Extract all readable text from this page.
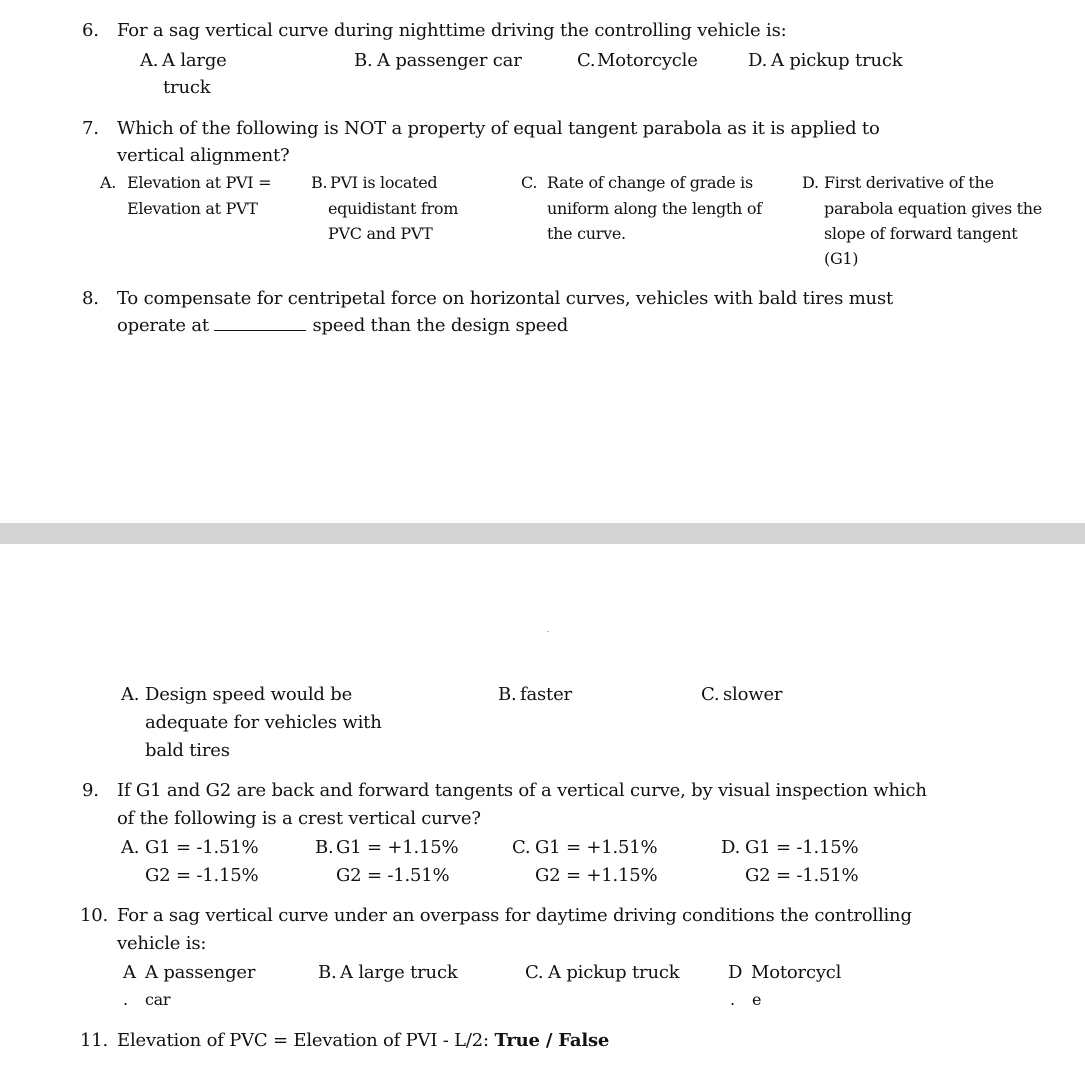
6. For a sag vertical curve during nighttime driving the controlling vehicle is:
A. A large
truck
B. A passenger car	C. Motorcycle	D. A pickup truck
7. Which of the following is NOT a property of equal tangent parabola as it is applied to
vertical alignment?
A. Elevation at PVI =
Elevation at PVT
B. PVI is located
equidistant from
PVC and PVT
C. Rate of change of grade is
uniform along the length of
the curve.
D. First derivative of the
parabola equation gives the
slope of forward tangent
(G1)
8. To compensate for centripetal force on horizontal curves, vehicles with bald tires must
operate at	speed than the design speed
A. Design speed would be
adequate for vehicles with
bald tires
B. faster	C. slower
9. If G1 and G2 are back and forward tangents of a vertical curve, by visual inspection which
of the following is a crest vertical curve?
A. G1 = -1.51%
G2 = -1.15%
B. G1 = +1.15%
G2 = -1.51%
C. G1 = +1.51%
G2 = +1.15%
D. G1 = -1.15%
G2 = -1.51%
10. For a sag vertical curve under an overpass for daytime driving conditions the controlling
vehicle is:
A A passenger
. car
B. A large truck	C. A pickup truck	D Motorcycl
. e
11. Elevation of PVC = Elevation of PVI - L/2: True / False
